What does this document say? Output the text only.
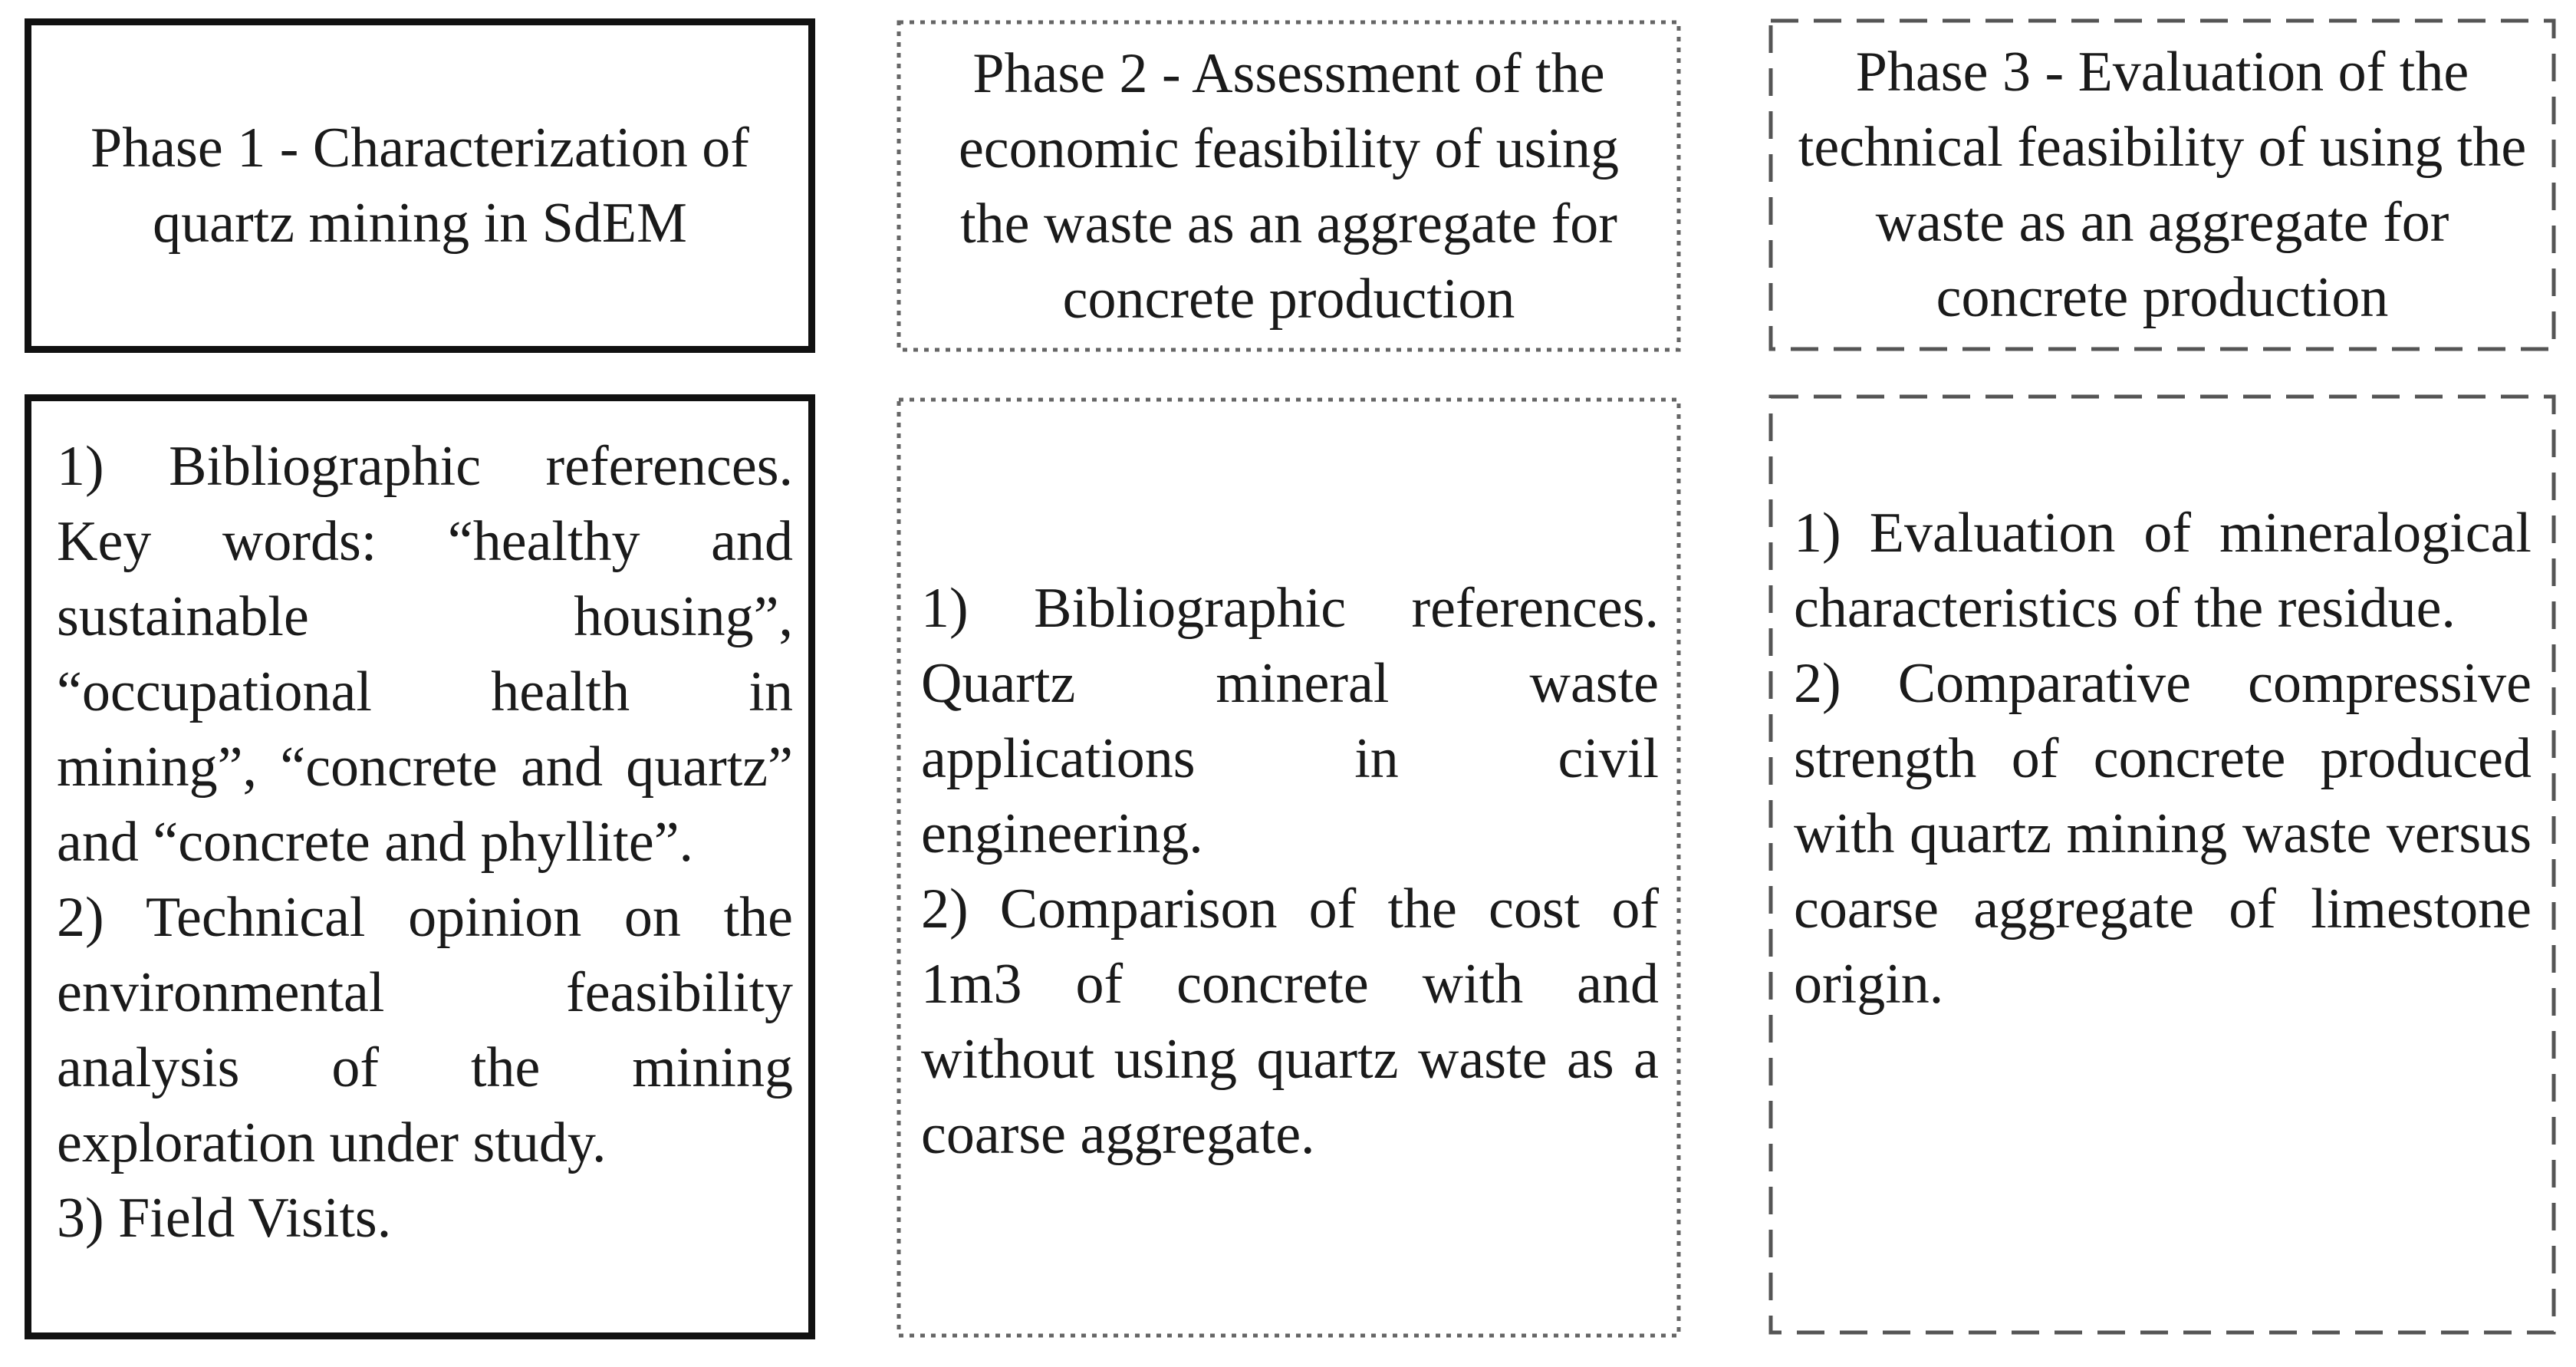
Phase 1 - Characterization of quartz mining in SdEM
Phase 2 - Assessment of the economic feasibility of using the waste as an aggregate for concrete production
Phase 3 - Evaluation of the technical feasibility of using the waste as an aggregate for concrete production

1) Bibliographic references. Key words: “healthy and sustainable housing”, “occupational health in mining”, “concrete and quartz” and “concrete and phyllite”.

2) Technical opinion on the environmental feasibility analysis of the mining exploration under study.

3) Field Visits.

1) Bibliographic references. Quartz mineral waste applications in civil engineering.

2) Comparison of the cost of 1m3 of concrete with and without using quartz waste as a coarse aggregate.

1) Evaluation of mineralogical characteristics of the residue.

2) Comparative compressive strength of concrete produced with quartz mining waste versus coarse aggregate of limestone origin.
